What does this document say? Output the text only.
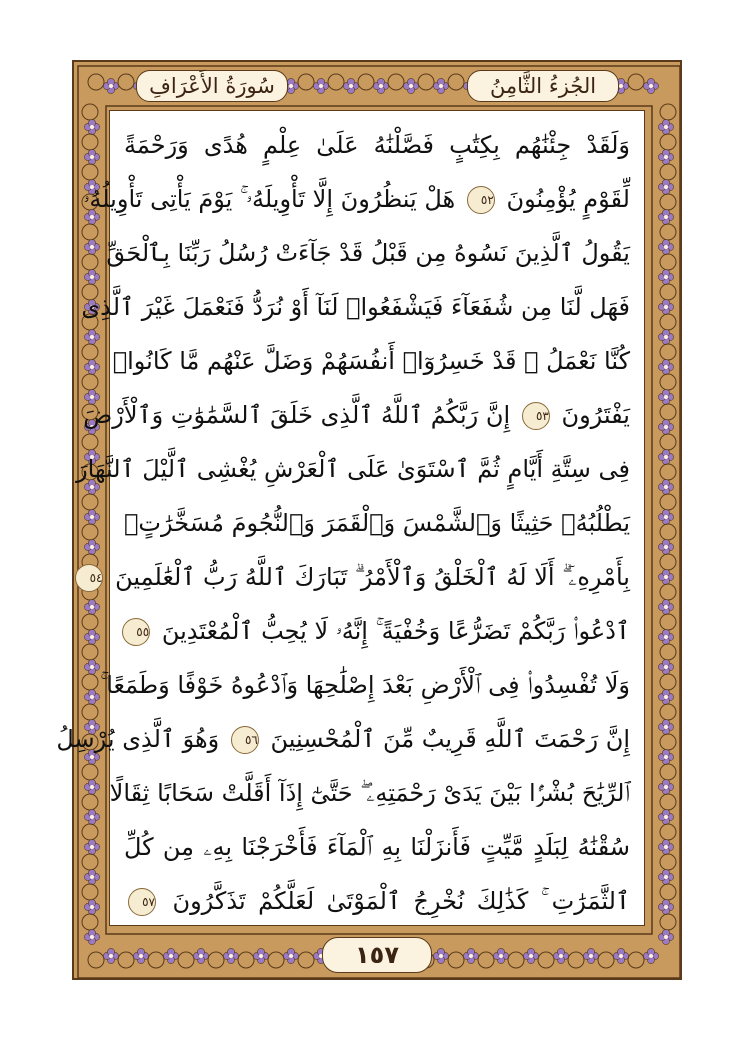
الجُزءُ الثَّامِنُ
سُورَةُ الأَعْرَافِ
وَلَقَدْ جِئْنَٰهُم بِكِتَٰبٍ فَصَّلْنَٰهُ عَلَىٰ عِلْمٍ هُدًى وَرَحْمَةً
لِّقَوْمٍ يُؤْمِنُونَ ٥٢ هَلْ يَنظُرُونَ إِلَّا تَأْوِيلَهُۥ ۚ يَوْمَ يَأْتِى تَأْوِيلُهُۥ
يَقُولُ ٱلَّذِينَ نَسُوهُ مِن قَبْلُ قَدْ جَآءَتْ رُسُلُ رَبِّنَا بِٱلْحَقِّ
فَهَل لَّنَا مِن شُفَعَآءَ فَيَشْفَعُوا۟ لَنَآ أَوْ نُرَدُّ فَنَعْمَلَ غَيْرَ ٱلَّذِى
كُنَّا نَعْمَلُ ۚ قَدْ خَسِرُوٓا۟ أَنفُسَهُمْ وَضَلَّ عَنْهُم مَّا كَانُوا۟
يَفْتَرُونَ ٥٣ إِنَّ رَبَّكُمُ ٱللَّهُ ٱلَّذِى خَلَقَ ٱلسَّمَٰوَٰتِ وَٱلْأَرْضَ
فِى سِتَّةِ أَيَّامٍ ثُمَّ ٱسْتَوَىٰ عَلَى ٱلْعَرْشِ يُغْشِى ٱلَّيْلَ ٱلنَّهَارَ
يَطْلُبُهُۥ حَثِيثًا وَٱلشَّمْسَ وَٱلْقَمَرَ وَٱلنُّجُومَ مُسَخَّرَٰتٍۭ
بِأَمْرِهِۦٓ ۗ أَلَا لَهُ ٱلْخَلْقُ وَٱلْأَمْرُ ۗ تَبَارَكَ ٱللَّهُ رَبُّ ٱلْعَٰلَمِينَ ٥٤
ٱدْعُوا۟ رَبَّكُمْ تَضَرُّعًا وَخُفْيَةً ۚ إِنَّهُۥ لَا يُحِبُّ ٱلْمُعْتَدِينَ ٥٥
وَلَا تُفْسِدُوا۟ فِى ٱلْأَرْضِ بَعْدَ إِصْلَٰحِهَا وَٱدْعُوهُ خَوْفًا وَطَمَعًا ۚ
إِنَّ رَحْمَتَ ٱللَّهِ قَرِيبٌ مِّنَ ٱلْمُحْسِنِينَ ٥٦ وَهُوَ ٱلَّذِى يُرْسِلُ
ٱلرِّيَٰحَ بُشْرًۢا بَيْنَ يَدَىْ رَحْمَتِهِۦ ۖ حَتَّىٰٓ إِذَآ أَقَلَّتْ سَحَابًا ثِقَالًا
سُقْنَٰهُ لِبَلَدٍ مَّيِّتٍ فَأَنزَلْنَا بِهِ ٱلْمَآءَ فَأَخْرَجْنَا بِهِۦ مِن كُلِّ
ٱلثَّمَرَٰتِ ۚ كَذَٰلِكَ نُخْرِجُ ٱلْمَوْتَىٰ لَعَلَّكُمْ تَذَكَّرُونَ ٥٧
١٥٧
